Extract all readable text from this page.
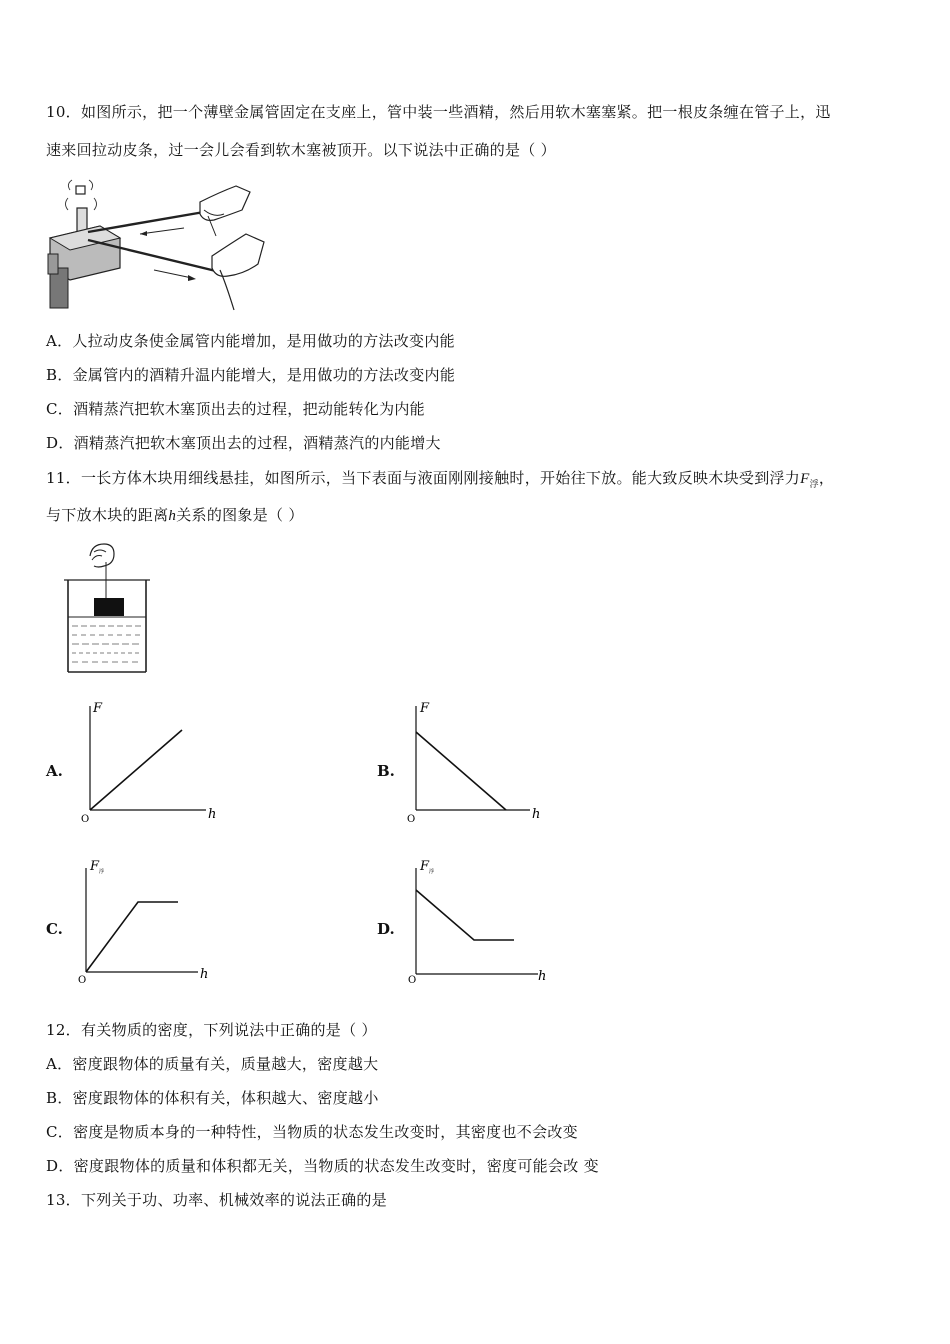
10．如图所示，把一个薄壁金属管固定在支座上，管中装一些酒精，然后用软木塞塞紧。把一根皮条缠在管子上，迅
速来回拉动皮条，过一会儿会看到软木塞被顶开。以下说法中正确的是（ ）
A．人拉动皮条使金属管内能增加，是用做功的方法改变内能
B．金属管内的酒精升温内能增大，是用做功的方法改变内能
C．酒精蒸汽把软木塞顶出去的过程，把动能转化为内能
D．酒精蒸汽把软木塞顶出去的过程，酒精蒸汽的内能增大
11．一长方体木块用细线悬挂，如图所示，当下表面与液面刚刚接触时，开始往下放。能大致反映木块受到浮力$F_浮$，
与下放木块的距离h关系的图象是（ ）
A.
F
h
O
B.
F
h
O
C.
$F_浮$
h
O
D.
$F_浮$
h
O
12．有关物质的密度，下列说法中正确的是（ ）
A．密度跟物体的质量有关，质量越大，密度越大
B．密度跟物体的体积有关，体积越大、密度越小
C．密度是物质本身的一种特性，当物质的状态发生改变时，其密度也不会改变
D．密度跟物体的质量和体积都无关，当物质的状态发生改变时，密度可能会改 变
13．下列关于功、功率、机械效率的说法正确的是
